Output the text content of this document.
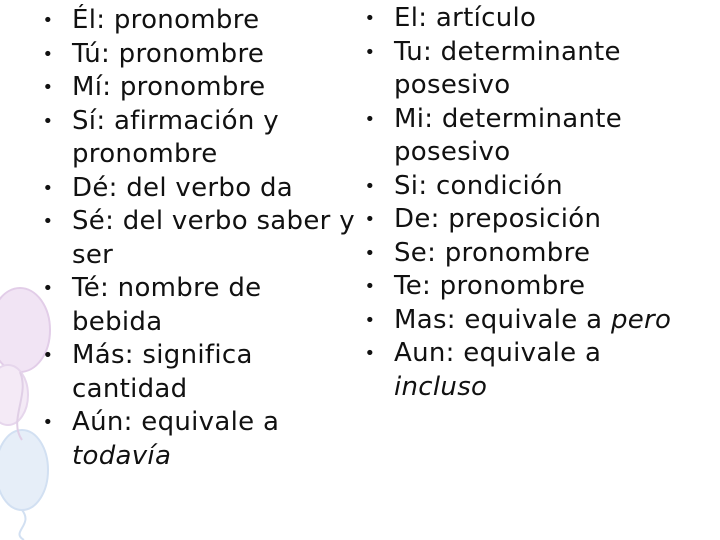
• Él: pronombre
• Tú: pronombre
• Mí: pronombre
• Sí: afirmación y pronombre
• Dé: del verbo da
• Sé: del verbo saber y ser
• Té: nombre de bebida
• Más: significa cantidad
• Aún: equivale a todavía
• El: artículo
• Tu: determinante posesivo
• Mi: determinante posesivo
• Si: condición
• De: preposición
• Se: pronombre
• Te: pronombre
• Mas: equivale a pero
• Aun: equivale a incluso
